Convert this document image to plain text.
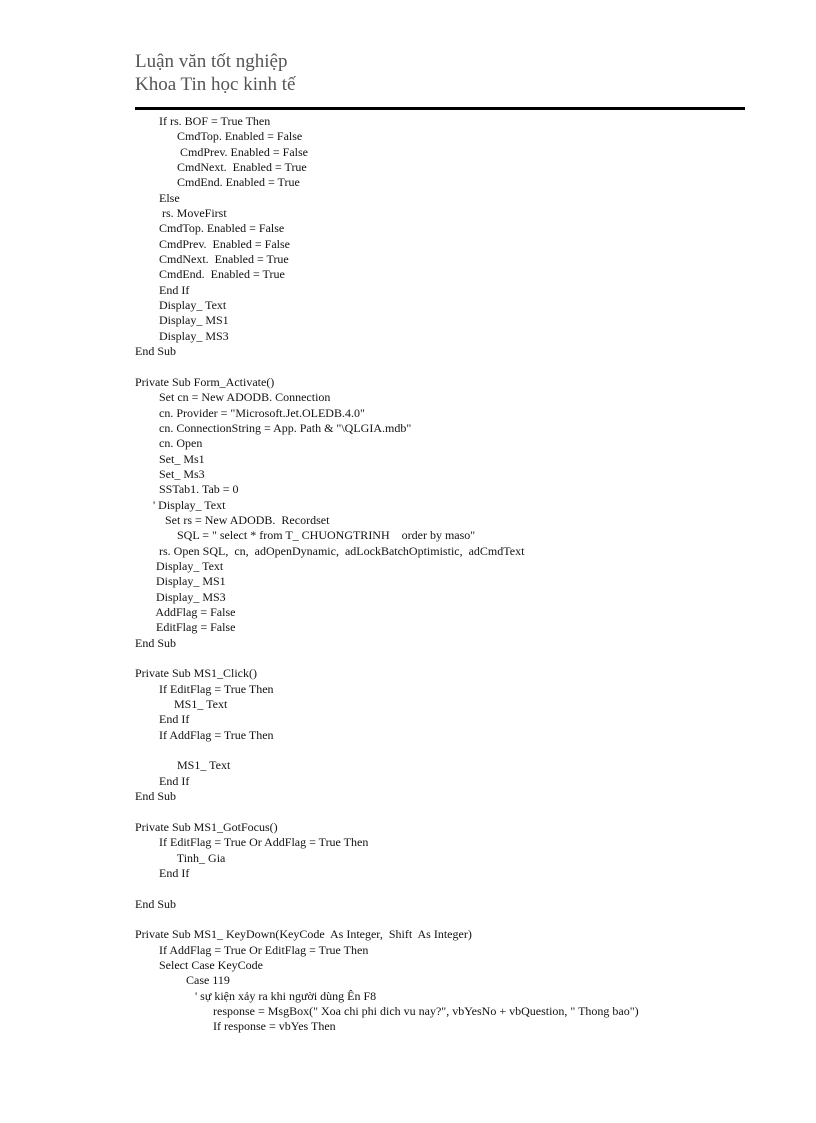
Luận văn tốt nghiệp
Khoa Tin học kinh tế
If rs. BOF = True Then
CmdTop. Enabled = False
CmdPrev. Enabled = False
CmdNext.  Enabled = True
CmdEnd. Enabled = True
Else
rs. MoveFirst
CmdTop. Enabled = False
CmdPrev.  Enabled = False
CmdNext.  Enabled = True
CmdEnd.  Enabled = True
End If
Display_ Text
Display_ MS1
Display_ MS3
End Sub
Private Sub Form_Activate()
Set cn = New ADODB. Connection
cn. Provider = "Microsoft.Jet.OLEDB.4.0"
cn. ConnectionString = App. Path & "\QLGIA.mdb"
cn. Open
Set_ Ms1
Set_ Ms3
SSTab1. Tab = 0
' Display_ Text
Set rs = New ADODB.  Recordset
SQL = " select * from T_ CHUONGTRINH    order by maso"
rs. Open SQL,  cn,  adOpenDynamic,  adLockBatchOptimistic,  adCmdText
Display_ Text
Display_ MS1
Display_ MS3
AddFlag = False
EditFlag = False
End Sub
Private Sub MS1_Click()
If EditFlag = True Then
MS1_ Text
End If
If AddFlag = True Then
MS1_ Text
End If
End Sub
Private Sub MS1_GotFocus()
If EditFlag = True Or AddFlag = True Then
Tinh_ Gia
End If
End Sub
Private Sub MS1_ KeyDown(KeyCode  As Integer,  Shift  As Integer)
If AddFlag = True Or EditFlag = True Then
Select Case KeyCode
Case 119
' sự kiện xảy ra khi người dùng Ên F8
response = MsgBox(" Xoa chi phi dich vu nay?", vbYesNo + vbQuestion, " Thong bao")
If response = vbYes Then
